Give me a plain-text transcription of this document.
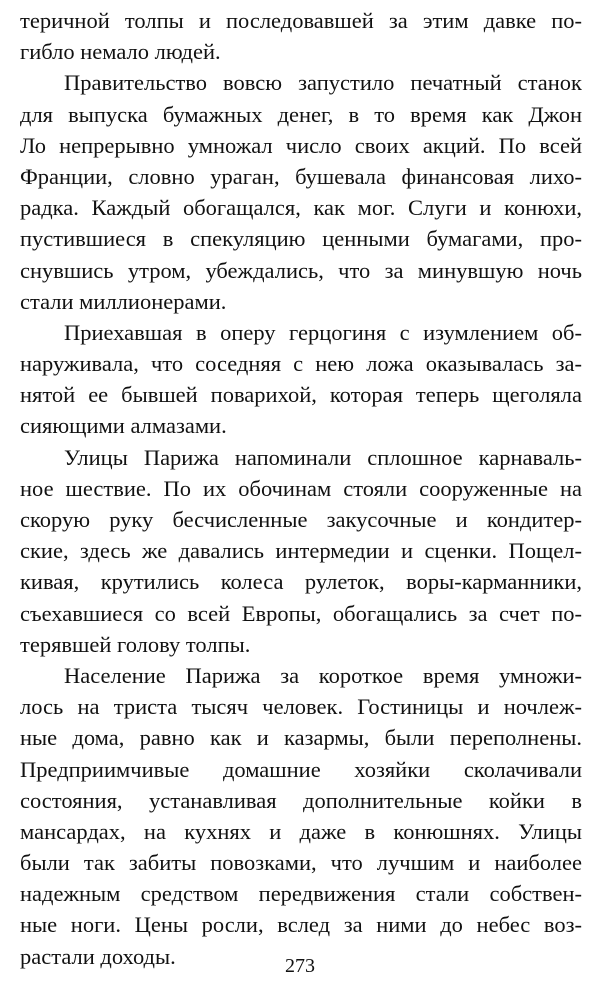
теричной толпы и последовавшей за этим давке по-
гибло немало людей.
Правительство вовсю запустило печатный станок
для выпуска бумажных денег, в то время как Джон
Ло непрерывно умножал число своих акций. По всей
Франции, словно ураган, бушевала финансовая лихо-
радка. Каждый обогащался, как мог. Слуги и конюхи,
пустившиеся в спекуляцию ценными бумагами, про-
снувшись утром, убеждались, что за минувшую ночь
стали миллионерами.
Приехавшая в оперу герцогиня с изумлением об-
наруживала, что соседняя с нею ложа оказывалась за-
нятой ее бывшей поварихой, которая теперь щеголяла
сияющими алмазами.
Улицы Парижа напоминали сплошное карнаваль-
ное шествие. По их обочинам стояли сооруженные на
скорую руку бесчисленные закусочные и кондитер-
ские, здесь же давались интермедии и сценки. Пощел-
кивая, крутились колеса рулеток, воры-карманники,
съехавшиеся со всей Европы, обогащались за счет по-
терявшей голову толпы.
Население Парижа за короткое время умножи-
лось на триста тысяч человек. Гостиницы и ночлеж-
ные дома, равно как и казармы, были переполнены.
Предприимчивые домашние хозяйки сколачивали
состояния, устанавливая дополнительные койки в
мансардах, на кухнях и даже в конюшнях. Улицы
были так забиты повозками, что лучшим и наиболее
надежным средством передвижения стали собствен-
ные ноги. Цены росли, вслед за ними до небес воз-
растали доходы.	273
